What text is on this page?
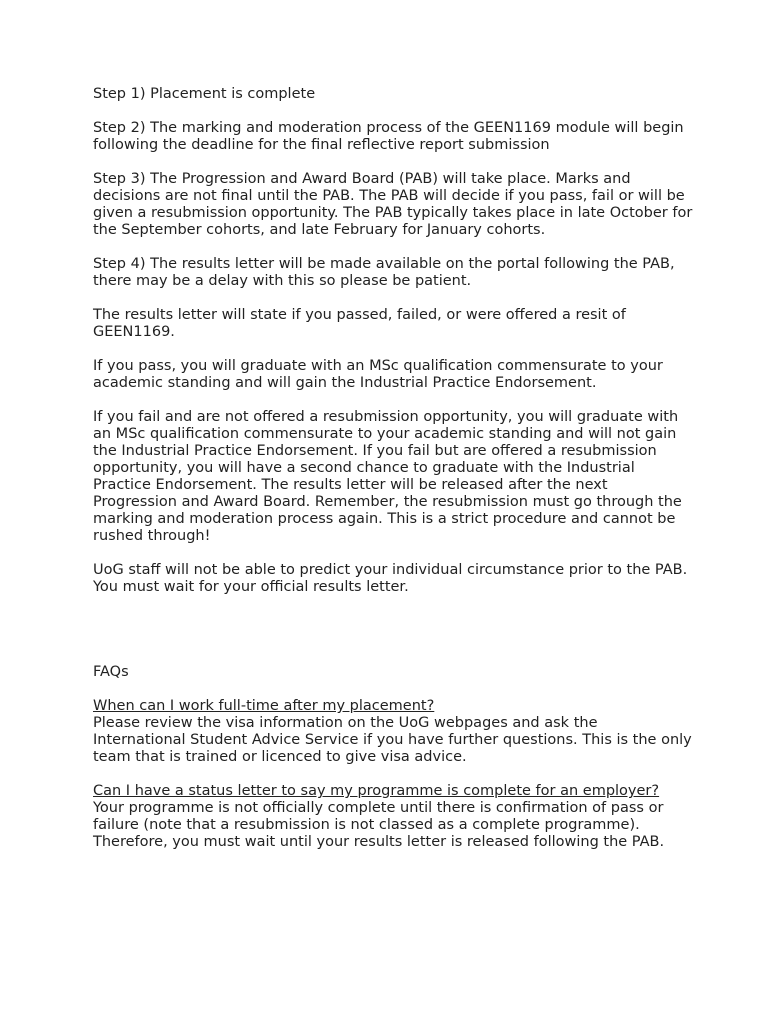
Step 1) Placement is complete

Step 2) The marking and moderation process of the GEEN1169 module will begin following the deadline for the final reflective report submission

Step 3) The Progression and Award Board (PAB) will take place. Marks and decisions are not final until the PAB. The PAB will decide if you pass, fail or will be given a resubmission opportunity. The PAB typically takes place in late October for the September cohorts, and late February for January cohorts.

Step 4) The results letter will be made available on the portal following the PAB, there may be a delay with this so please be patient.

The results letter will state if you passed, failed, or were offered a resit of GEEN1169.

If you pass, you will graduate with an MSc qualification commensurate to your academic standing and will gain the Industrial Practice Endorsement.

If you fail and are not offered a resubmission opportunity, you will graduate with an MSc qualification commensurate to your academic standing and will not gain the Industrial Practice Endorsement. If you fail but are offered a resubmission opportunity, you will have a second chance to graduate with the Industrial Practice Endorsement. The results letter will be released after the next Progression and Award Board. Remember, the resubmission must go through the marking and moderation process again. This is a strict procedure and cannot be rushed through!

UoG staff will not be able to predict your individual circumstance prior to the PAB. You must wait for your official results letter.

FAQs

When can I work full-time after my placement?

Please review the visa information on the UoG webpages and ask the International Student Advice Service if you have further questions. This is the only team that is trained or licenced to give visa advice.

Can I have a status letter to say my programme is complete for an employer?

Your programme is not officially complete until there is confirmation of pass or failure (note that a resubmission is not classed as a complete programme). Therefore, you must wait until your results letter is released following the PAB.
